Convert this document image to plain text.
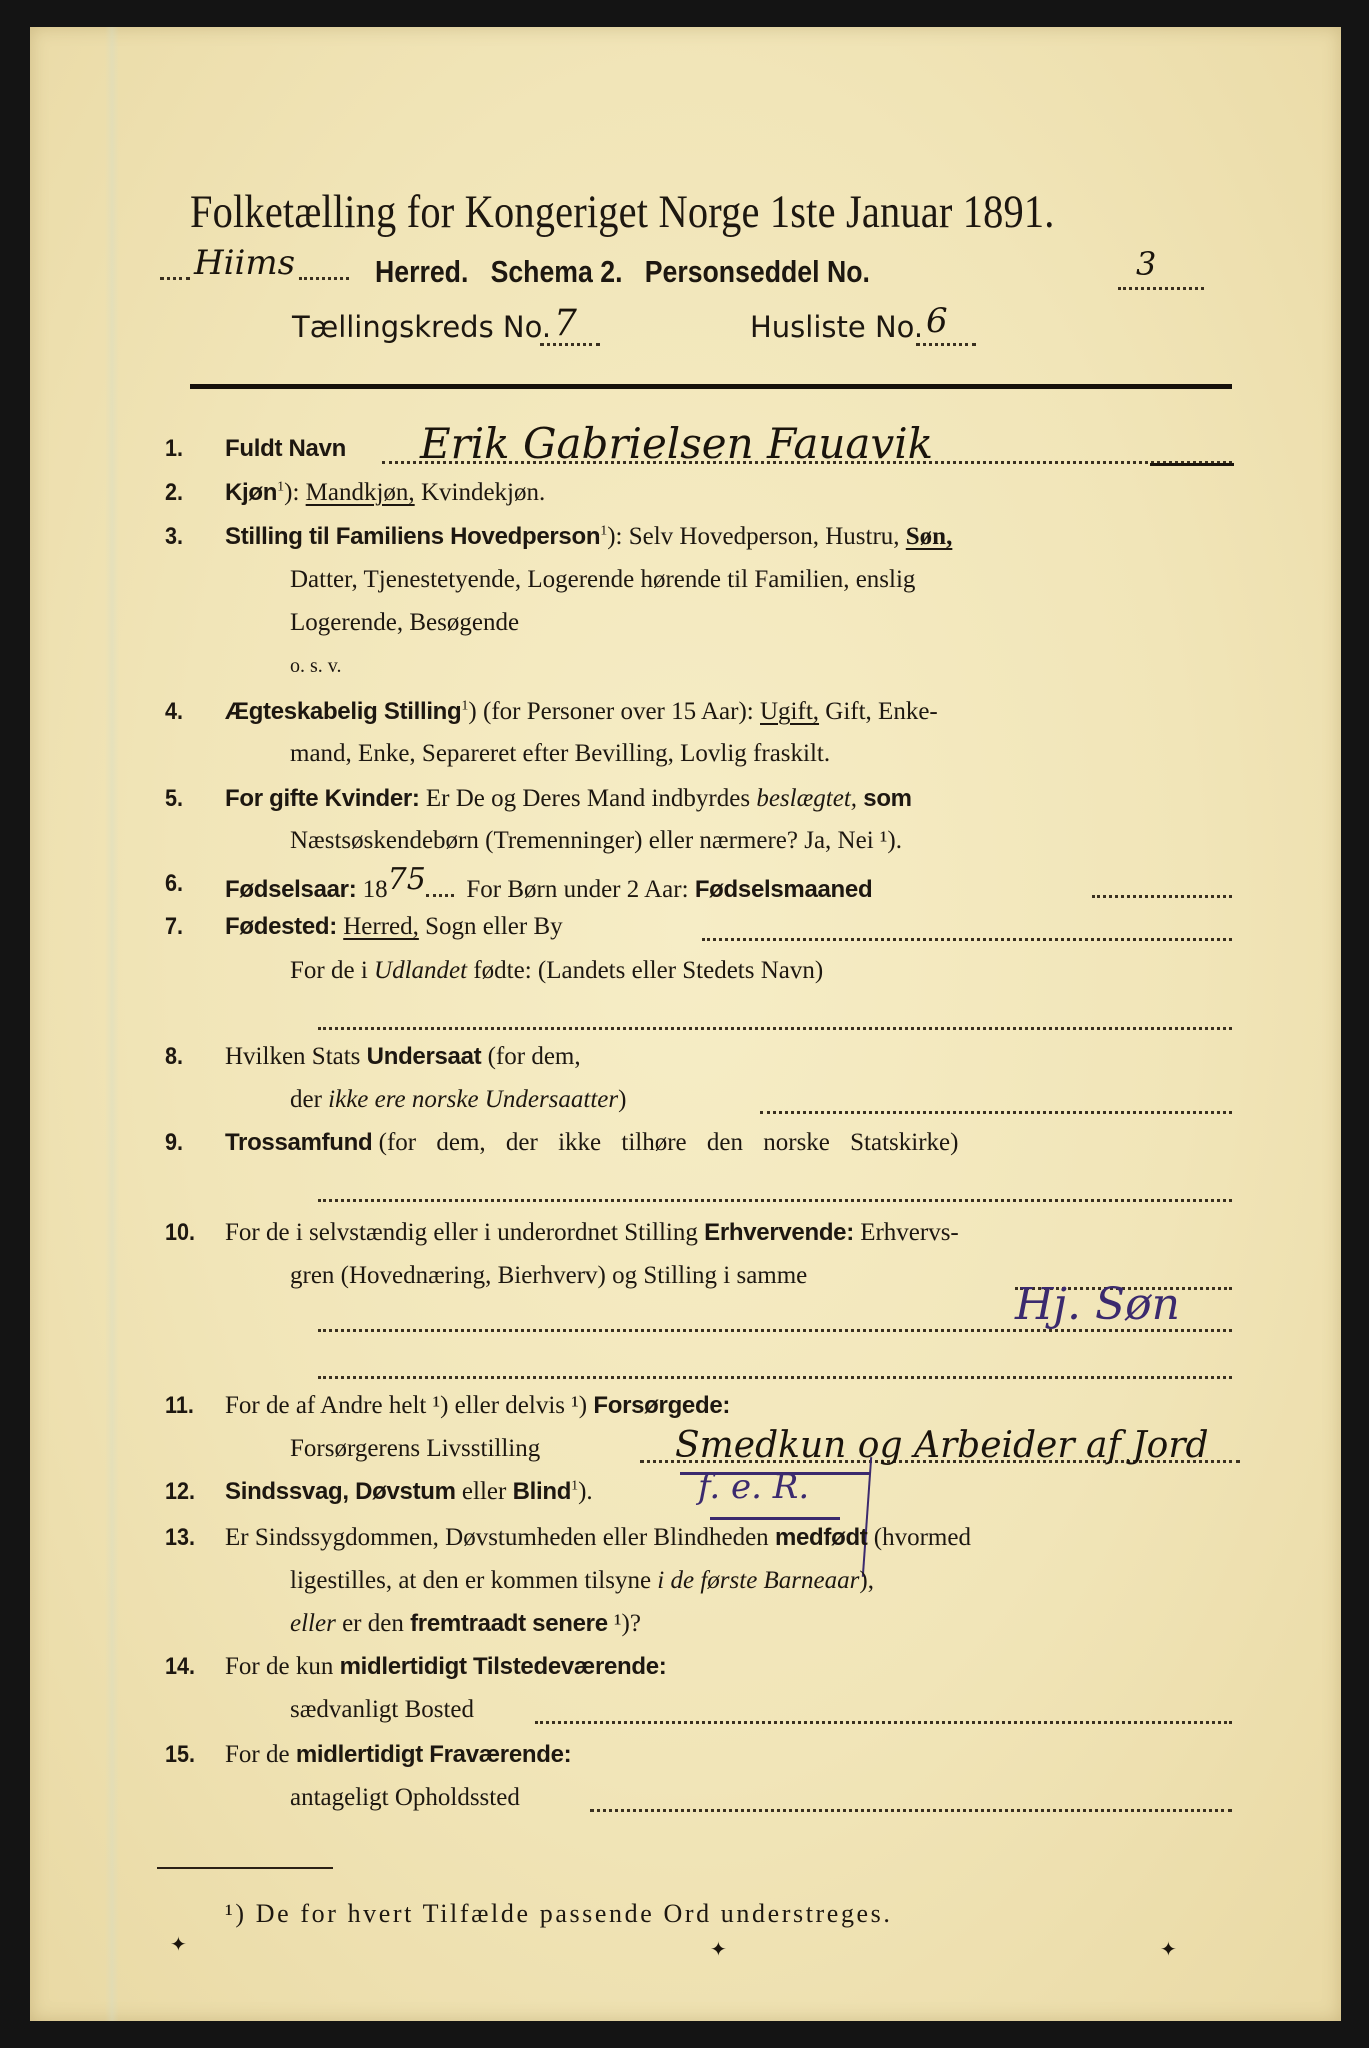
Folketælling for Kongeriget Norge 1ste Januar 1891.
Hiims	Herred. Schema 2. Personseddel No.	3
Tællingskreds No. 7	Husliste No. 6
1.	Fuldt Navn Erik Gabrielsen Fauavik
2.	Kjøn$^1$): Mandkjøn, Kvindekjøn.
3.	Stilling til Familiens Hovedperson$^1$): Selv Hovedperson, Hustru, Søn,
Datter, Tjenestetyende, Logerende hørende til Familien, enslig
Logerende, Besøgende
o. s. v.
4.	Ægteskabelig Stilling$^1$) (for Personer over 15 Aar): Ugift, Gift, Enke-
mand, Enke, Separeret efter Bevilling, Lovlig fraskilt.
5.	For gifte Kvinder: Er De og Deres Mand indbyrdes beslægtet, som
Næstsøskendebørn (Tremenninger) eller nærmere? Ja, Nei ¹).
6.	Fødselsaar: 1875 For Børn under 2 Aar: Fødselsmaaned
7.	Fødested: Herred, Sogn eller By
For de i Udlandet fødte: (Landets eller Stedets Navn)
8.	Hvilken Stats Undersaat (for dem,
der ikke ere norske Undersaatter)
9.	Trossamfund (for dem, der ikke tilhøre den norske Statskirke)
10.	For de i selvstændig eller i underordnet Stilling Erhvervende: Erhvervs-
gren (Hovednæring, Bierhverv) og Stilling i samme
Hj. Søn
11.	For de af Andre helt ¹) eller delvis ¹) Forsørgede:
Forsørgerens Livsstilling	Smedkun og Arbeider af Jord
12.	Sindssvag, Døvstum eller Blind$^1$).	f. e. R.
13.	Er Sindssygdommen, Døvstumheden eller Blindheden medfødt (hvormed
ligestilles, at den er kommen tilsyne i de første Barneaar),
eller er den fremtraadt senere ¹)?
14.	For de kun midlertidigt Tilstedeværende:
sædvanligt Bosted
15.	For de midlertidigt Fraværende:
antageligt Opholdssted
¹) De for hvert Tilfælde passende Ord understreges.
✦	✦	✦
